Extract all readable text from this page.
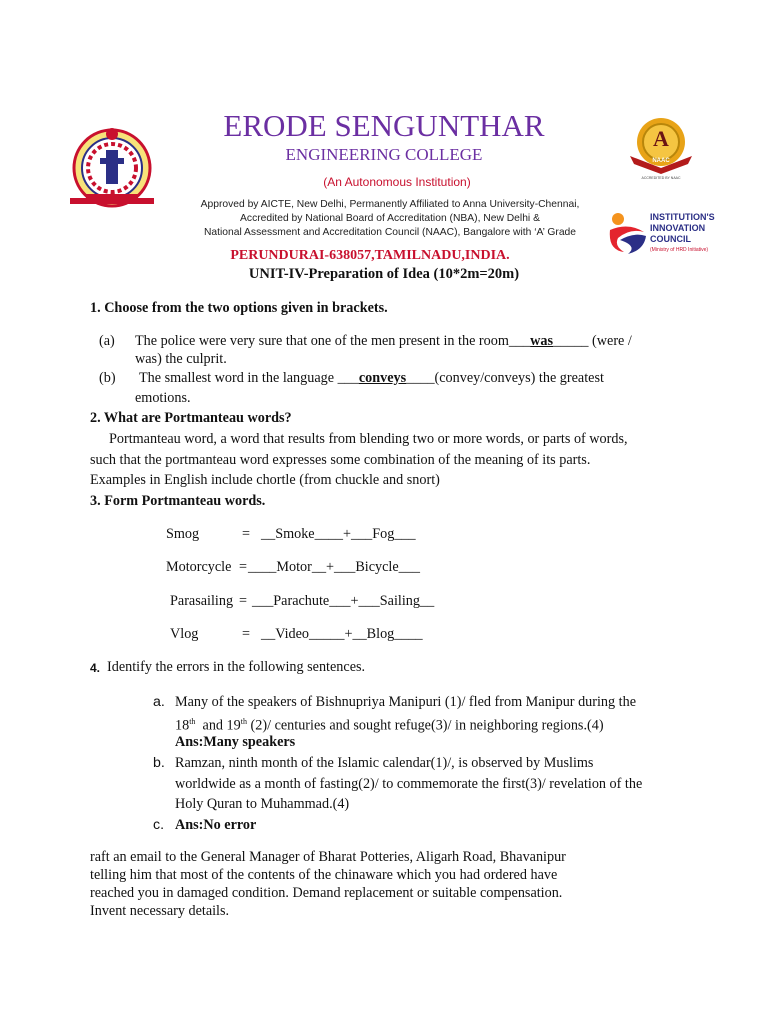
ERODE SENGUNTHAR
ENGINEERING COLLEGE
A
NAAC
ACCREDITED BY NAAC
(An Autonomous Institution)
Approved by AICTE, New Delhi, Permanently Affiliated to Anna University-Chennai,
Accredited by National Board of Accreditation (NBA), New Delhi &
National Assessment and Accreditation Council (NAAC), Bangalore with ‘A’ Grade
INSTITUTION'S
INNOVATION
COUNCIL
(Ministry of HRD Initiative)
PERUNDURAI-638057,TAMILNADU,INDIA.
UNIT-IV-Preparation of Idea (10*2m=20m)
1. Choose from the two options given in brackets.
(a) The police were very sure that one of the men present in the room___was_____ (were /
was) the culprit.
(b) The smallest word in the language ___conveys____(convey/conveys) the greatest
emotions.
2. What are Portmanteau words?
Portmanteau word, a word that results from blending two or more words, or parts of words,
such that the portmanteau word expresses some combination of the meaning of its parts.
Examples in English include chortle (from chuckle and snort)
3. Form Portmanteau words.
Smog	= __Smoke____+___Fog___
Motorcycle = ____Motor__+___Bicycle___
Parasailing = ___Parachute___+___Sailing__
Vlog	= __Video_____+__Blog____
4. Identify the errors in the following sentences.
a. Many of the speakers of Bishnupriya Manipuri (1)/ fled from Manipur during the
18th and 19th (2)/ centuries and sought refuge(3)/ in neighboring regions.(4)
Ans:Many speakers
b. Ramzan, ninth month of the Islamic calendar(1)/, is observed by Muslims
worldwide as a month of fasting(2)/ to commemorate the first(3)/ revelation of the
Holy Quran to Muhammad.(4)
c. Ans:No error
raft an email to the General Manager of Bharat Potteries, Aligarh Road, Bhavanipur
telling him that most of the contents of the chinaware which you had ordered have
reached you in damaged condition. Demand replacement or suitable compensation.
Invent necessary details.
